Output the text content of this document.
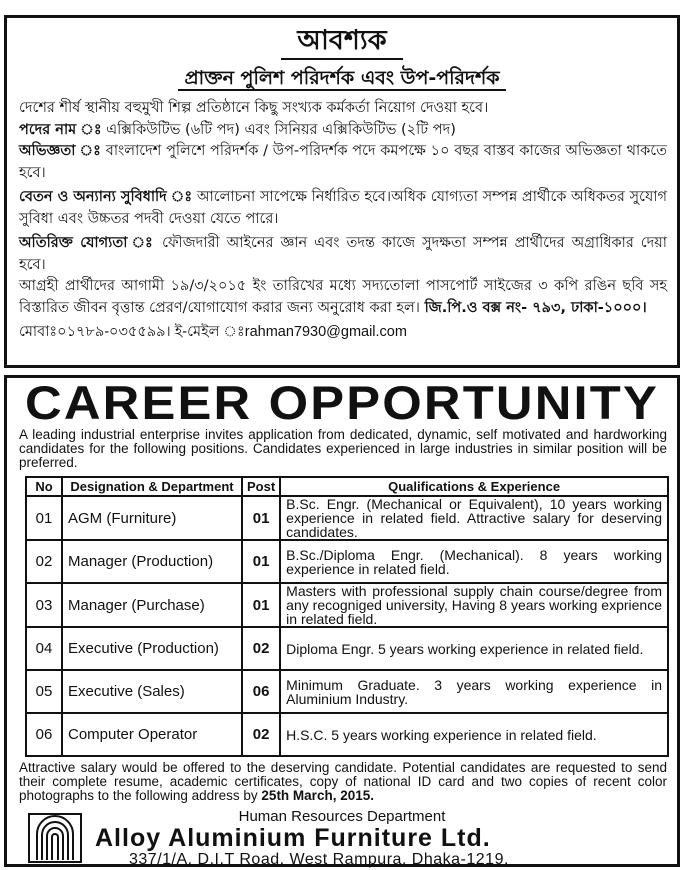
আবশ্যক
প্রাক্তন পুলিশ পরিদর্শক এবং উপ-পরিদর্শক

দেশের শীর্ষ স্থানীয় বহুমুখী শিল্প প্রতিষ্ঠানে কিছু সংখ্যক কর্মকর্তা নিয়োগ দেওয়া হবে।

পদের নাম ঃ এক্সিকিউটিভ (৬টি পদ) এবং সিনিয়র এক্সিকিউটিভ (২টি পদ)

অভিজ্ঞতা ঃ বাংলাদেশ পুলিশে পরিদর্শক / উপ-পরিদর্শক পদে কমপক্ষে ১০ বছর বাস্তব কাজের অভিজ্ঞতা থাকতে হবে।

বেতন ও অন্যান্য সুবিধাদি ঃ আলোচনা সাপেক্ষে নির্ধারিত হবে।অধিক যোগ্যতা সম্পন্ন প্রার্থীকে অধিকতর সুযোগ সুবিধা এবং উচ্চতর পদবী দেওয়া যেতে পারে।

অতিরিক্ত যোগ্যতা ঃ ফৌজদারী আইনের জ্ঞান এবং তদন্ত কাজে সুদক্ষতা সম্পন্ন প্রার্থীদের অগ্রাধিকার দেয়া হবে।

আগ্রহী প্রার্থীদের আগামী ১৯/৩/২০১৫ ইং তারিখের মধ্যে সদ্যতোলা পাসপোর্ট সাইজের ৩ কপি রঙিন ছবি সহ বিস্তারিত জীবন বৃত্তান্ত প্রেরণ/যোগাযোগ করার জন্য অনুরোধ করা হল। জি.পি.ও বক্স নং- ৭৯৩, ঢাকা-১০০০।

মোবাঃ০১৭৮৯-০৩৫৫৯৯। ই-মেইল ঃrahman7930@gmail.com

CAREER OPPORTUNITY
A leading industrial enterprise invites application from dedicated, dynamic, self motivated and hardworking candidates for the following positions. Candidates experienced in large industries in similar position will be preferred.
No	Designation & Department	Post	Qualifications & Experience
01	AGM (Furniture)	01	B.Sc. Engr. (Mechanical or Equivalent), 10 years working experience in related field. Attractive salary for deserving candidates.
02	Manager (Production)	01	B.Sc./Diploma Engr. (Mechanical). 8 years working experience in related field.
03	Manager (Purchase)	01	Masters with professional supply chain course/degree from any recogniged university, Having 8 years working exprience in related field.
04	Executive (Production)	02	Diploma Engr. 5 years working experience in related field.
05	Executive (Sales)	06	Minimum Graduate. 3 years working experience in Aluminium Industry.
06	Computer Operator	02	H.S.C. 5 years working experience in related field.
Attractive salary would be offered to the deserving candidate. Potential candidates are requested to send their complete resume, academic certificates, copy of national ID card and two copies of recent color photographs to the following address by 25th March, 2015.
Human Resources Department
Alloy Aluminium Furniture Ltd.
337/1/A, D.I.T Road, West Rampura, Dhaka-1219.
